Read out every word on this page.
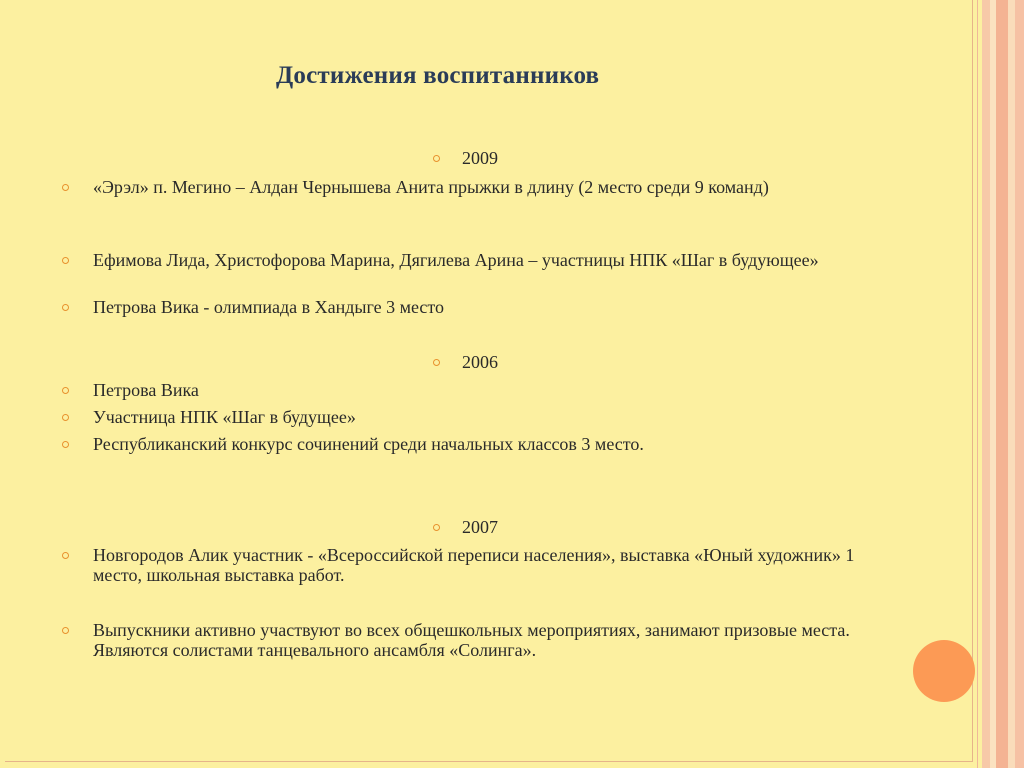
Достижения воспитанников
2009
«Эрэл» п. Мегино – Алдан Чернышева Анита прыжки в длину (2 место среди 9 команд)
Ефимова Лида, Христофорова Марина, Дягилева Арина – участницы НПК «Шаг в будующее»
Петрова Вика - олимпиада в Хандыге 3 место
2006
Петрова Вика
Участница НПК «Шаг в будущее»
Республиканский конкурс сочинений среди начальных классов 3 место.
2007
Новгородов Алик участник - «Всероссийской переписи населения», выставка «Юный художник» 1 место, школьная выставка работ.
Выпускники активно участвуют во всех общешкольных мероприятиях, занимают призовые места. Являются солистами танцевального ансамбля «Солинга».
